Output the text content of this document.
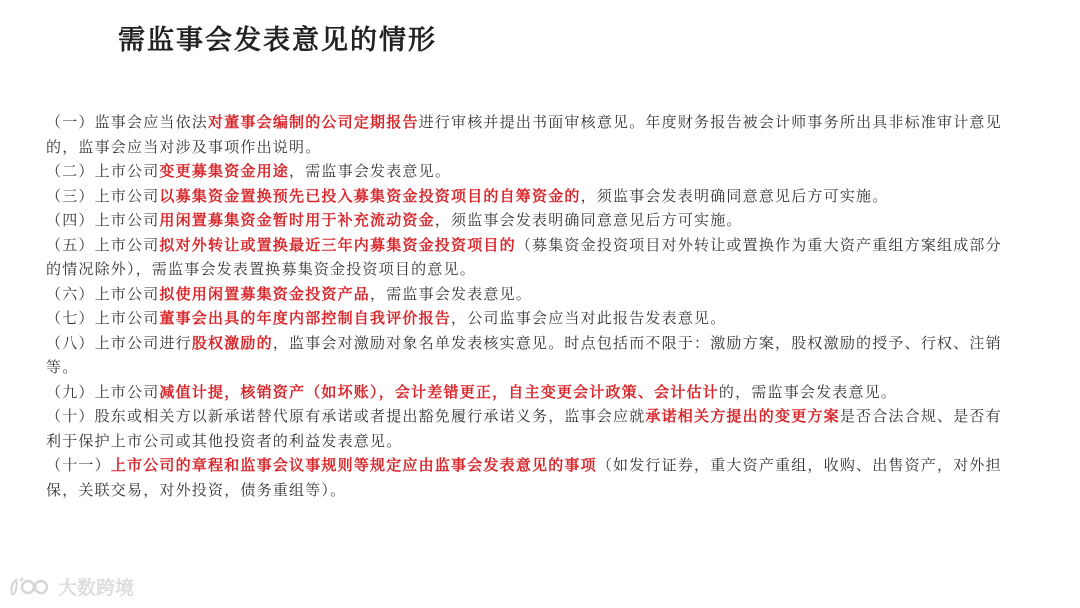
需监事会发表意见的情形

（一）监事会应当依法对董事会编制的公司定期报告进行审核并提出书面审核意见。年度财务报告被会计师事务所出具非标准审计意见的，监事会应当对涉及事项作出说明。

（二）上市公司变更募集资金用途，需监事会发表意见。

（三）上市公司以募集资金置换预先已投入募集资金投资项目的自筹资金的，须监事会发表明确同意意见后方可实施。

（四）上市公司用闲置募集资金暂时用于补充流动资金，须监事会发表明确同意意见后方可实施。

（五）上市公司拟对外转让或置换最近三年内募集资金投资项目的（募集资金投资项目对外转让或置换作为重大资产重组方案组成部分的情况除外），需监事会发表置换募集资金投资项目的意见。

（六）上市公司拟使用闲置募集资金投资产品，需监事会发表意见。

（七）上市公司董事会出具的年度内部控制自我评价报告，公司监事会应当对此报告发表意见。

（八）上市公司进行股权激励的，监事会对激励对象名单发表核实意见。时点包括而不限于：激励方案，股权激励的授予、行权、注销等。

（九）上市公司减值计提，核销资产（如坏账），会计差错更正，自主变更会计政策、会计估计的，需监事会发表意见。

（十）股东或相关方以新承诺替代原有承诺或者提出豁免履行承诺义务，监事会应就承诺相关方提出的变更方案是否合法合规、是否有利于保护上市公司或其他投资者的利益发表意见。

（十一）上市公司的章程和监事会议事规则等规定应由监事会发表意见的事项（如发行证券，重大资产重组，收购、出售资产，对外担保，关联交易，对外投资，债务重组等）。

大数跨境
